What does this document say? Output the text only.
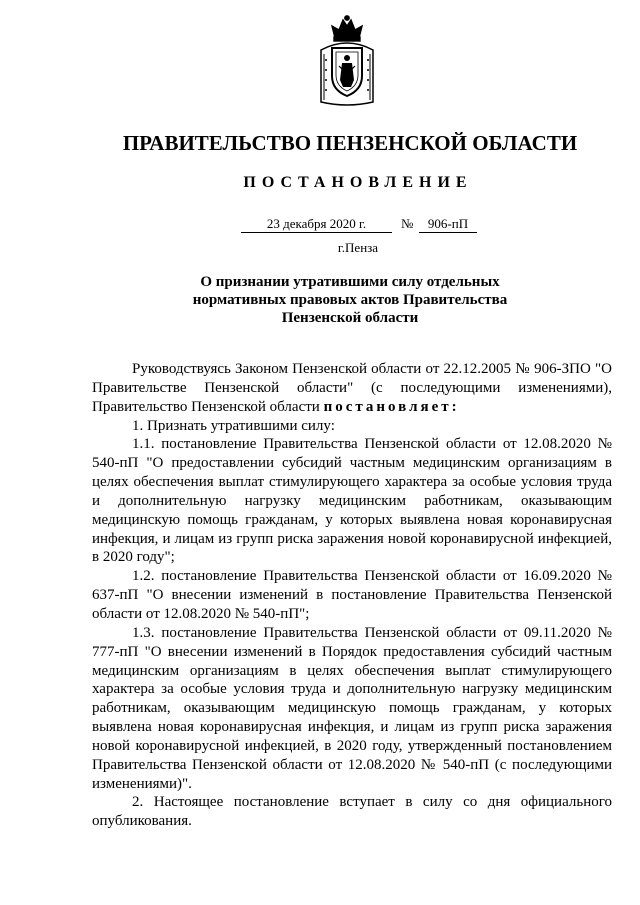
ПРАВИТЕЛЬСТВО ПЕНЗЕНСКОЙ ОБЛАСТИ
ПОСТАНОВЛЕНИЕ
23 декабря 2020 г.	№	906-пП
г.Пенза
О признании утратившими силу отдельных
нормативных правовых актов Правительства
Пензенской области

Руководствуясь Законом Пензенской области от 22.12.2005 № 906-ЗПО "О Правительстве Пензенской области" (с последующими изменениями), Правительство Пензенской области постановляет:

1. Признать утратившими силу:

1.1. постановление Правительства Пензенской области от 12.08.2020 № 540-пП "О предоставлении субсидий частным медицинским организациям в целях обеспечения выплат стимулирующего характера за особые условия труда и дополнительную нагрузку медицинским работникам, оказывающим медицинскую помощь гражданам, у которых выявлена новая коронавирусная инфекция, и лицам из групп риска заражения новой коронавирусной инфекцией, в 2020 году";

1.2. постановление Правительства Пензенской области от 16.09.2020 № 637-пП "О внесении изменений в постановление Правительства Пензенской области от 12.08.2020 № 540-пП";

1.3. постановление Правительства Пензенской области от 09.11.2020 № 777-пП "О внесении изменений в Порядок предоставления субсидий частным медицинским организациям в целях обеспечения выплат стимулирующего характера за особые условия труда и дополнительную нагрузку медицинским работникам, оказывающим медицинскую помощь гражданам, у которых выявлена новая коронавирусная инфекция, и лицам из групп риска заражения новой коронавирусной инфекцией, в 2020 году, утвержденный постановлением Правительства Пензенской области от 12.08.2020 № 540-пП (с последующими изменениями)".

2. Настоящее постановление вступает в силу со дня официального опубликования.
